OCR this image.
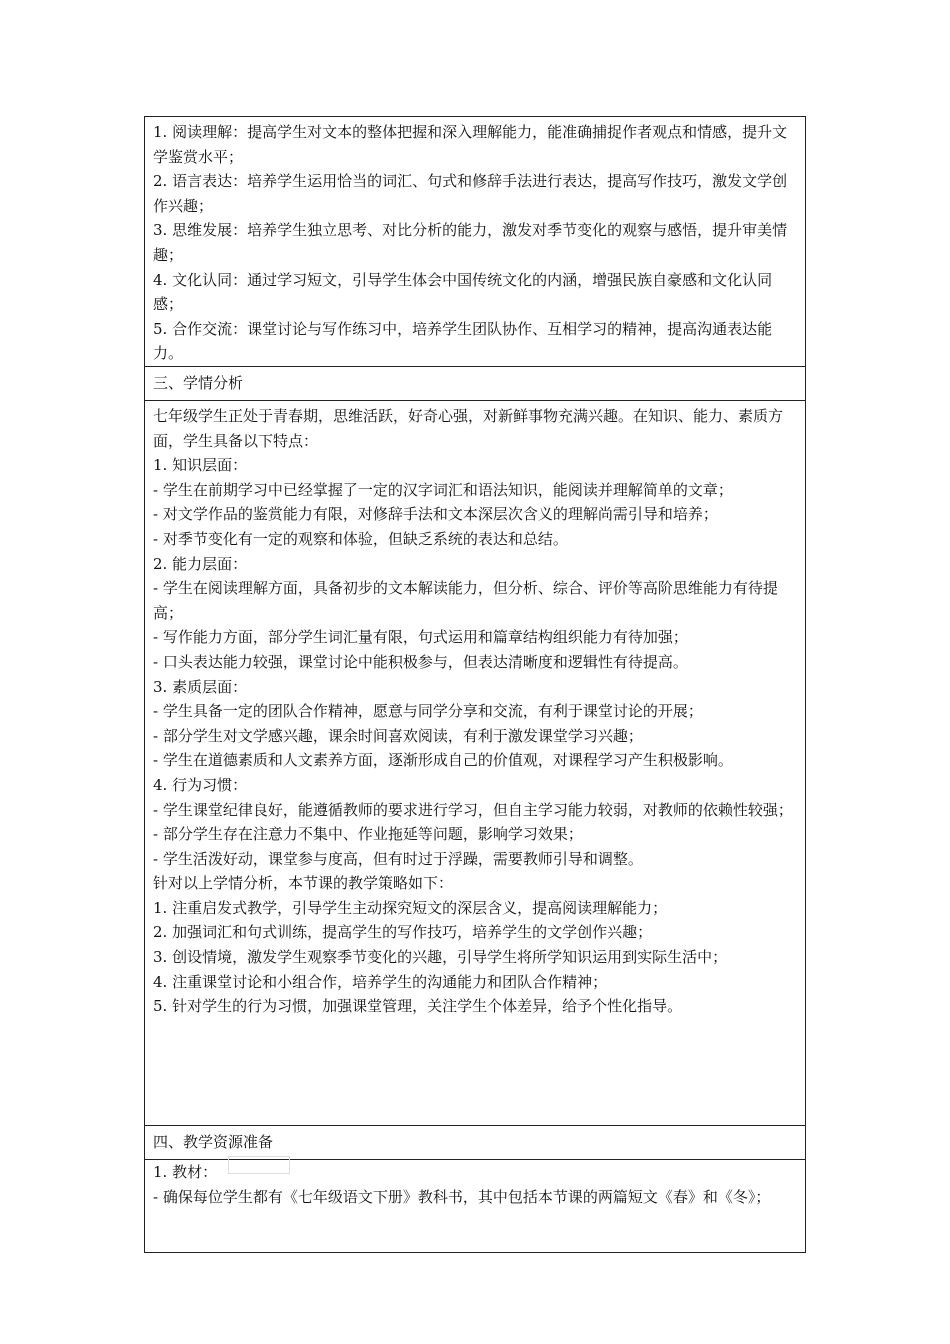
1. 阅读理解：提高学生对文本的整体把握和深入理解能力，能准确捕捉作者观点和情感，提升文学鉴赏水平；
2. 语言表达：培养学生运用恰当的词汇、句式和修辞手法进行表达，提高写作技巧，激发文学创作兴趣；
3. 思维发展：培养学生独立思考、对比分析的能力，激发对季节变化的观察与感悟，提升审美情趣；
4. 文化认同：通过学习短文，引导学生体会中国传统文化的内涵，增强民族自豪感和文化认同感；
5. 合作交流：课堂讨论与写作练习中，培养学生团队协作、互相学习的精神，提高沟通表达能力。
三、学情分析
七年级学生正处于青春期，思维活跃，好奇心强，对新鲜事物充满兴趣。在知识、能力、素质方面，学生具备以下特点：
1. 知识层面：
- 学生在前期学习中已经掌握了一定的汉字词汇和语法知识，能阅读并理解简单的文章；
- 对文学作品的鉴赏能力有限，对修辞手法和文本深层次含义的理解尚需引导和培养；
- 对季节变化有一定的观察和体验，但缺乏系统的表达和总结。
2. 能力层面：
- 学生在阅读理解方面，具备初步的文本解读能力，但分析、综合、评价等高阶思维能力有待提高；
- 写作能力方面，部分学生词汇量有限，句式运用和篇章结构组织能力有待加强；
- 口头表达能力较强，课堂讨论中能积极参与，但表达清晰度和逻辑性有待提高。
3. 素质层面：
- 学生具备一定的团队合作精神，愿意与同学分享和交流，有利于课堂讨论的开展；
- 部分学生对文学感兴趣，课余时间喜欢阅读，有利于激发课堂学习兴趣；
- 学生在道德素质和人文素养方面，逐渐形成自己的价值观，对课程学习产生积极影响。
4. 行为习惯：
- 学生课堂纪律良好，能遵循教师的要求进行学习，但自主学习能力较弱，对教师的依赖性较强；
- 部分学生存在注意力不集中、作业拖延等问题，影响学习效果；
- 学生活泼好动，课堂参与度高，但有时过于浮躁，需要教师引导和调整。
针对以上学情分析，本节课的教学策略如下：
1. 注重启发式教学，引导学生主动探究短文的深层含义，提高阅读理解能力；
2. 加强词汇和句式训练，提高学生的写作技巧，培养学生的文学创作兴趣；
3. 创设情境，激发学生观察季节变化的兴趣，引导学生将所学知识运用到实际生活中；
4. 注重课堂讨论和小组合作，培养学生的沟通能力和团队合作精神；
5. 针对学生的行为习惯，加强课堂管理，关注学生个体差异，给予个性化指导。
四、教学资源准备
1. 教材：
- 确保每位学生都有《七年级语文下册》教科书，其中包括本节课的两篇短文《春》和《冬》；
